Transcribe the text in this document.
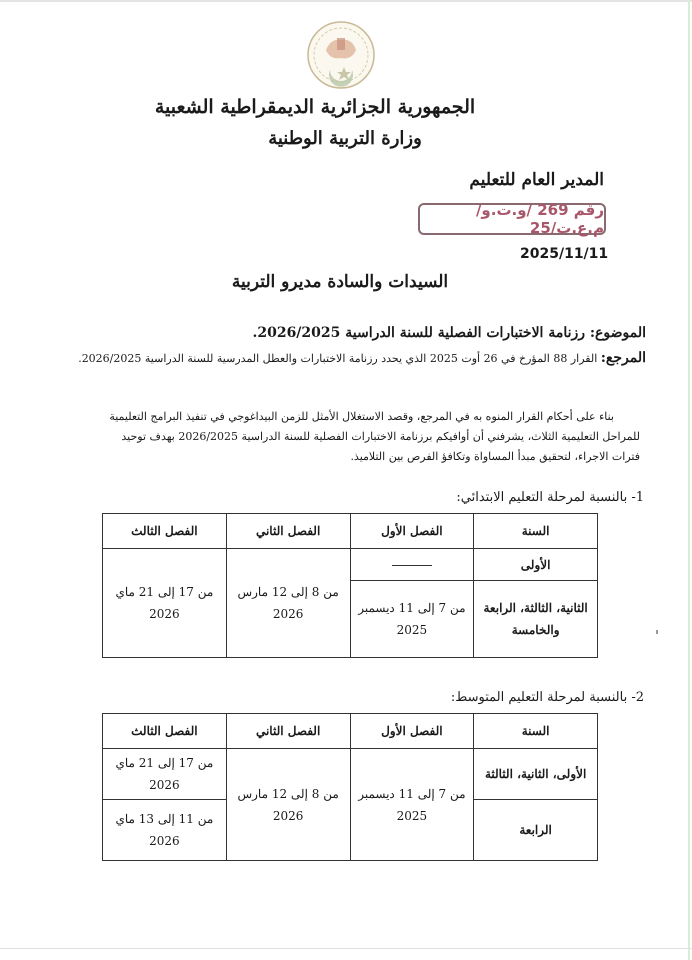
الجمهورية الجزائرية الديمقراطية الشعبية
وزارة التربية الوطنية
المدير العام للتعليم
رقم 269 /و.ت.و/ م.ع.ت/25
2025/11/11
السيدات والسادة مديرو التربية
الموضوع: رزنامة الاختبارات الفصلية للسنة الدراسية 2026/2025.
المرجع: القرار 88 المؤرخ في 26 أوت 2025 الذي يحدد رزنامة الاختبارات والعطل المدرسية للسنة الدراسية 2026/2025.

بناء على أحكام القرار المنوه به في المرجع، وقصد الاستغلال الأمثل للزمن البيداغوجي في تنفيذ البرامج التعليمية

للمراحل التعليمية الثلاث، يشرفني أن أوافيكم برزنامة الاختبارات الفصلية للسنة الدراسية 2026/2025 بهدف توحيد

فترات الاجراء، لتحقيق مبدأ المساواة وتكافؤ الفرص بين التلاميذ.

1- بالنسبة لمرحلة التعليم الابتدائي:
السنة	الفصل الأول	الفصل الثاني	الفصل الثالث
الأولى		من 8 إلى 12 مارس 2026	من 17 إلى 21 ماي 2026
الثانية، الثالثة، الرابعة والخامسة	من 7 إلى 11 ديسمبر 2025		
2- بالنسبة لمرحلة التعليم المتوسط:
السنة	الفصل الأول	الفصل الثاني	الفصل الثالث
الأولى، الثانية، الثالثة	من 7 إلى 11 ديسمبر 2025	من 8 إلى 12 مارس 2026	من 17 إلى 21 ماي 2026
الرابعة			من 11 إلى 13 ماي 2026
